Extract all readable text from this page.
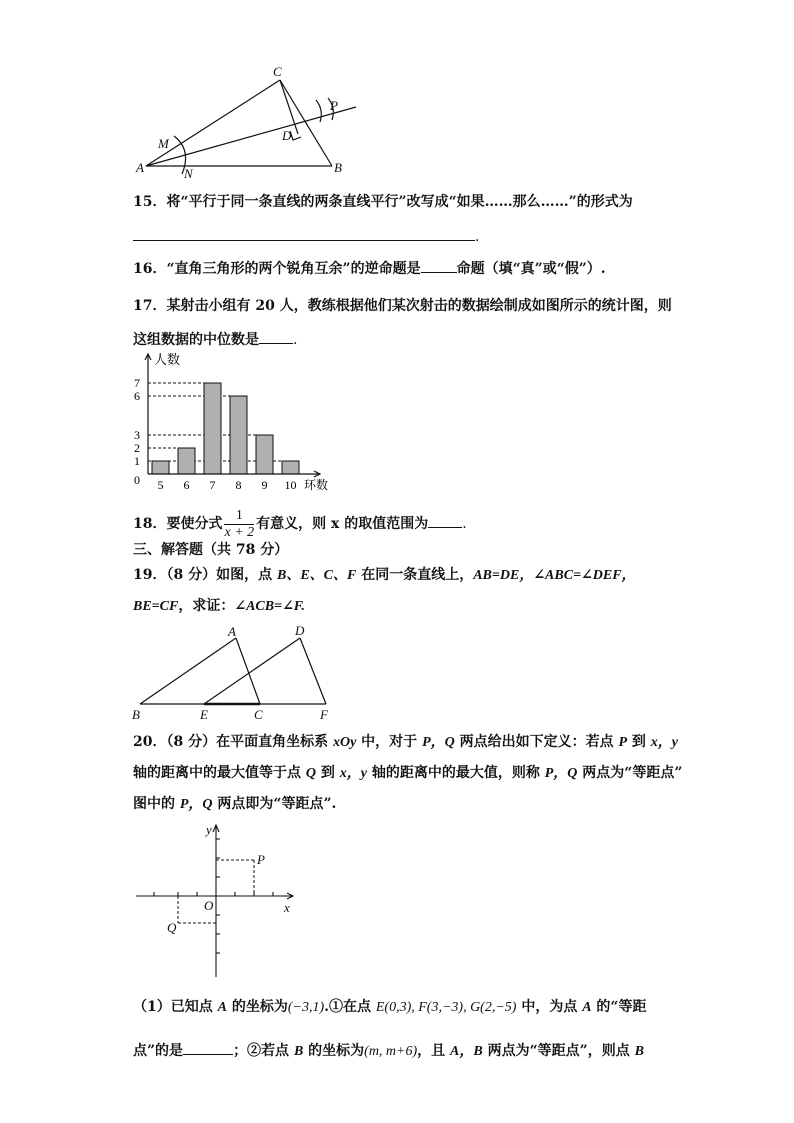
C
P
M
D
A	N	B
15．将“平行于同一条直线的两条直线平行”改写成“如果……那么……”的形式为
.
16．“直角三角形的两个锐角互余”的逆命题是	命题（填“真”或“假”）.
17．某射击小组有 20 人，教练根据他们某次射击的数据绘制成如图所示的统计图，则
这组数据的中位数是 .
0
1
2
3
6
7
5 6 7 8 9 10
人数
环数
18．要使分式 $\frac{1}{x + 2}$ 有意义，则 x 的取值范围为 .
三、解答题（共 78 分）
19．（8 分）如图，点 B、E、C、F 在同一条直线上，AB=DE，∠ABC=∠DEF，
BE=CF，求证：∠ACB=∠F.
A	D
B	E	C	F
20．（8 分）在平面直角坐标系 xOy 中，对于 P，Q 两点给出如下定义：若点 P 到 x，y
轴的距离中的最大值等于点 Q 到 x，y 轴的距离中的最大值，则称 P，Q 两点为“等距点”
图中的 P，Q 两点即为“等距点”.
y
x
O
P
Q
（1）已知点 A 的坐标为(−3,1).①在点 E(0,3), F(3,−3), G(2,−5) 中，为点 A 的“等距
点”的是	；②若点 B 的坐标为(m, m+6)，且 A，B 两点为“等距点”，则点 B
